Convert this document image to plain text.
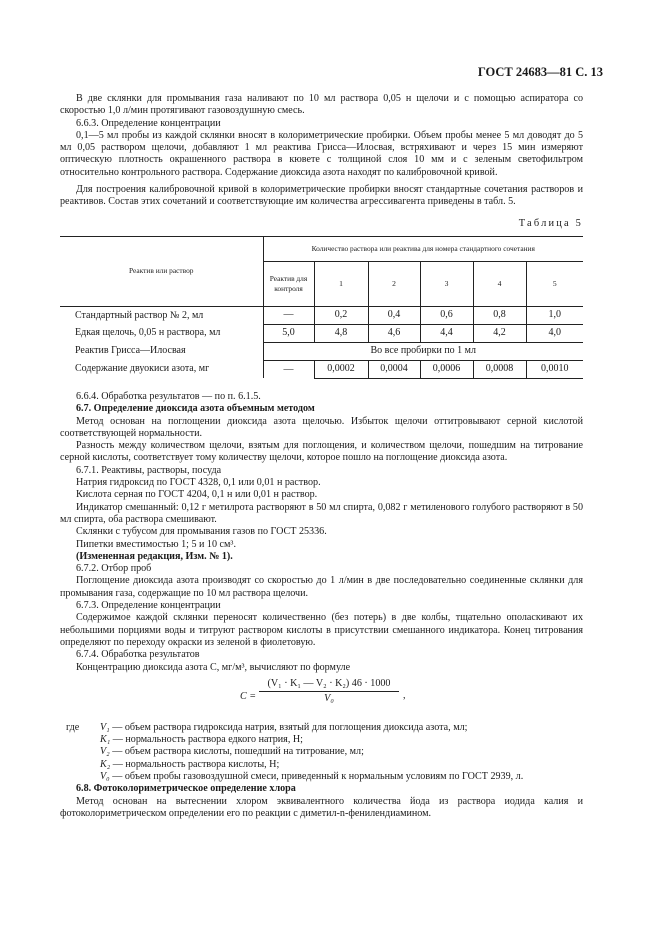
ГОСТ 24683—81 С. 13

В две склянки для промывания газа наливают по 10 мл раствора 0,05 н щелочи и с помощью аспиратора со скоростью 1,0 л/мин протягивают газовоздушную смесь.

6.6.3. Определение концентрации

0,1—5 мл пробы из каждой склянки вносят в колориметрические пробирки. Объем пробы менее 5 мл доводят до 5 мл 0,05 раствором щелочи, добавляют 1 мл реактива Грисса—Илосвая, встряхивают и через 15 мин измеряют оптическую плотность окрашенного раствора в кювете с толщиной слоя 10 мм и с зеленым светофильтром относительно контрольного раствора. Содержание диоксида азота находят по калибровочной кривой.

Для построения калибровочной кривой в колориметрические пробирки вносят стандартные сочетания растворов и реактивов. Состав этих сочетаний и соответствующие им количества агрессивагента приведены в табл. 5.

Таблица 5
Реактив или раствор	Количество раствора или реактива для номера стандартного сочетания					
	Реактив для контроля	1	2	3	4	5
Стандартный раствор № 2, мл	—	0,2	0,4	0,6	0,8	1,0
Едкая щелочь, 0,05 н раствора, мл	5,0	4,8	4,6	4,4	4,2	4,0
Реактив Грисса—Илосвая	Во все пробирки по 1 мл					
Содержание двуокиси азота, мг	—	0,0002	0,0004	0,0006	0,0008	0,0010

6.6.4. Обработка результатов — по п. 6.1.5.

6.7. Определение диоксида азота объемным методом

Метод основан на поглощении диоксида азота щелочью. Избыток щелочи оттитровывают серной кислотой соответствующей нормальности.

Разность между количеством щелочи, взятым для поглощения, и количеством щелочи, пошедшим на титрование серной кислоты, соответствует тому количеству щелочи, которое пошло на поглощение диоксида азота.

6.7.1. Реактивы, растворы, посуда

Натрия гидроксид по ГОСТ 4328, 0,1 или 0,01 н раствор.

Кислота серная по ГОСТ 4204, 0,1 н или 0,01 н раствор.

Индикатор смешанный: 0,12 г метилрота растворяют в 50 мл спирта, 0,082 г метиленового голубого растворяют в 50 мл спирта, оба раствора смешивают.

Склянки с тубусом для промывания газов по ГОСТ 25336.

Пипетки вместимостью 1; 5 и 10 см³.

(Измененная редакция, Изм. № 1).

6.7.2. Отбор проб

Поглощение диоксида азота производят со скоростью до 1 л/мин в две последовательно соединенные склянки для промывания газа, содержащие по 10 мл раствора щелочи.

6.7.3. Определение концентрации

Содержимое каждой склянки переносят количественно (без потерь) в две колбы, тщательно ополаскивают их небольшими порциями воды и титруют раствором кислоты в присутствии смешанного индикатора. Конец титрования определяют по переходу окраски из зеленой в фиолетовую.

6.7.4. Обработка результатов

Концентрацию диоксида азота C, мг/м³, вычисляют по формуле

$C = \frac{\text{(V₁ · K₁ — V₂ · K₂) 46 · 1000}}{\text{V₀}}$ ,

где V₁ — объем раствора гидроксида натрия, взятый для поглощения диоксида азота, мл;

K₁ — нормальность раствора едкого натрия, Н;

V₂ — объем раствора кислоты, пошедший на титрование, мл;

K₂ — нормальность раствора кислоты, Н;

V₀ — объем пробы газовоздушной смеси, приведенный к нормальным условиям по ГОСТ 2939, л.

6.8. Фотоколориметрическое определение хлора

Метод основан на вытеснении хлором эквивалентного количества йода из раствора иодида калия и фотоколориметрическом определении его по реакции с диметил-n-фенилендиамином.
